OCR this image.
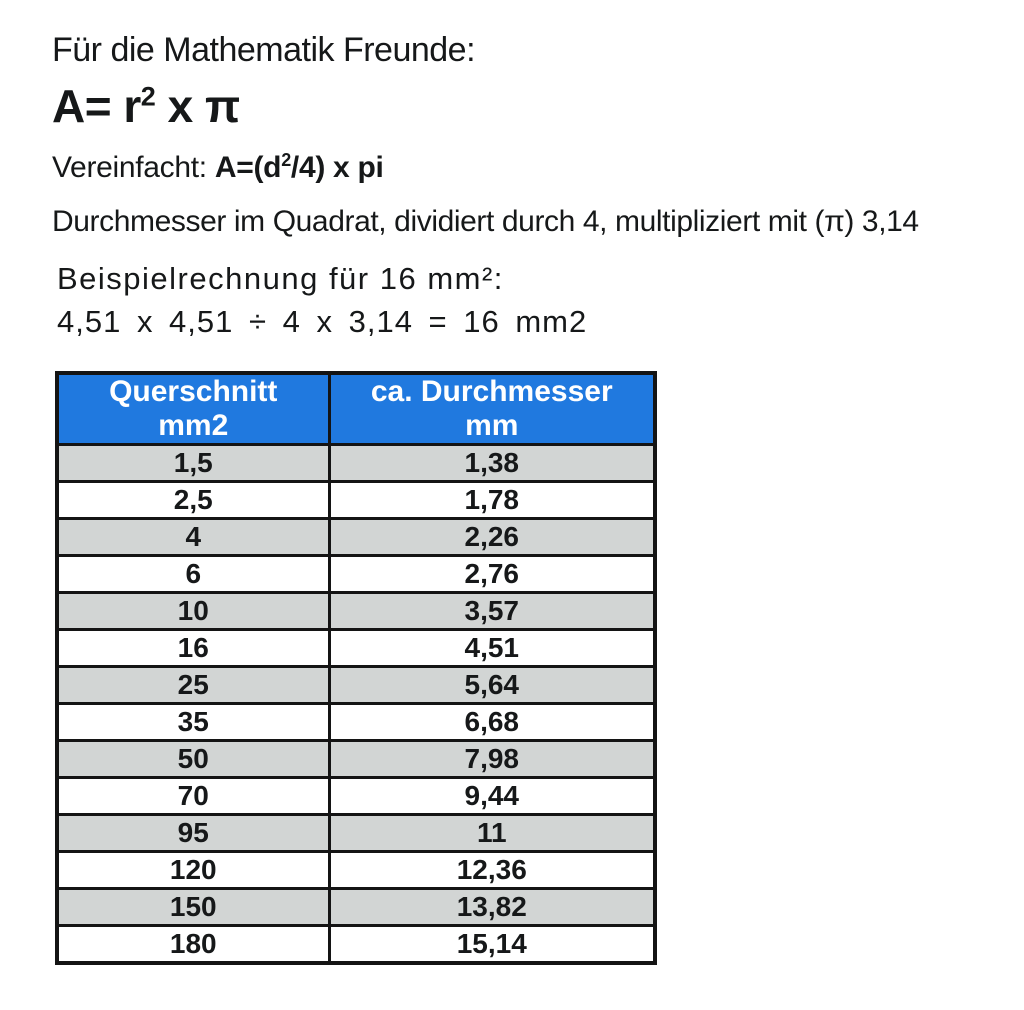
Für die Mathematik Freunde:
$A= r^2$ x π
Vereinfacht: $A=(d^2/4)$ x pi
Durchmesser im Quadrat, dividiert durch 4, multipliziert mit (π) 3,14
Beispielrechnung für 16 mm²:
4,51 x 4,51 ÷ 4 x 3,14 = 16 mm2
Querschnitt mm2	ca. Durchmesser mm
1,5	1,38
2,5	1,78
4	2,26
6	2,76
10	3,57
16	4,51
25	5,64
35	6,68
50	7,98
70	9,44
95	11
120	12,36
150	13,82
180	15,14
